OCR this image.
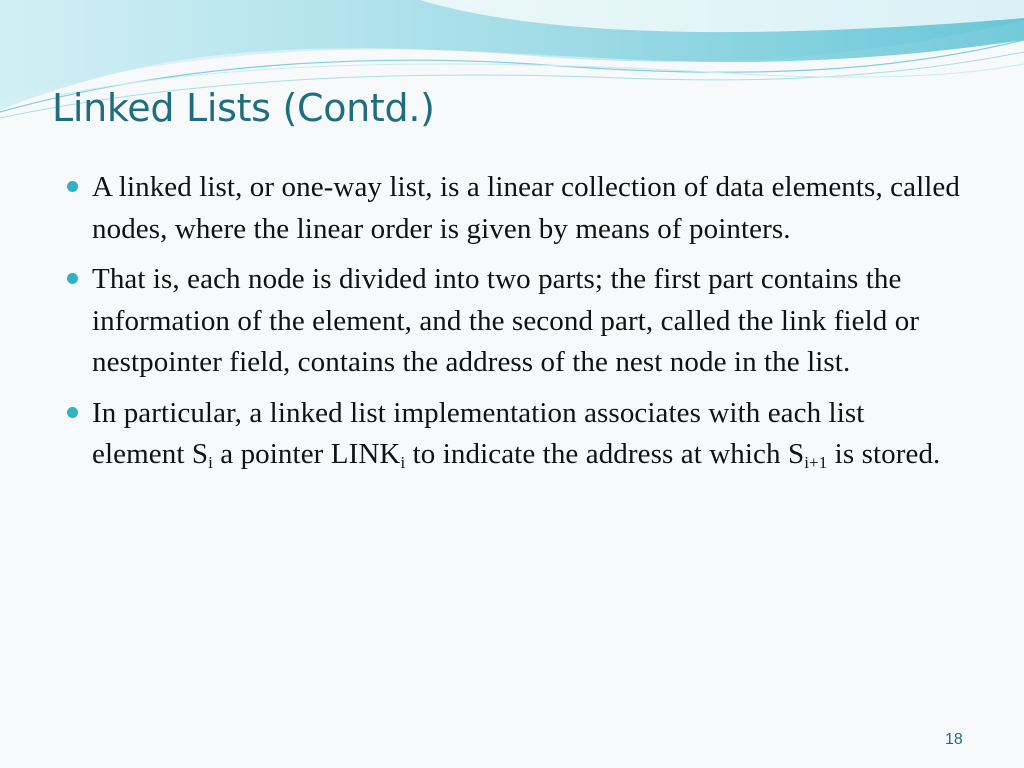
Linked Lists (Contd.)
A linked list, or one-way list, is a linear collection of data elements, called nodes, where the linear order is given by means of pointers.
That is, each node is divided into two parts; the first part contains the information of the element, and the second part, called the link field or nestpointer field, contains the address of the nest node in the list.
In particular, a linked list implementation associates with each list element $S_i$ a pointer $LINK_i$ to indicate the address at which $S_{i+1}$ is stored.
18
